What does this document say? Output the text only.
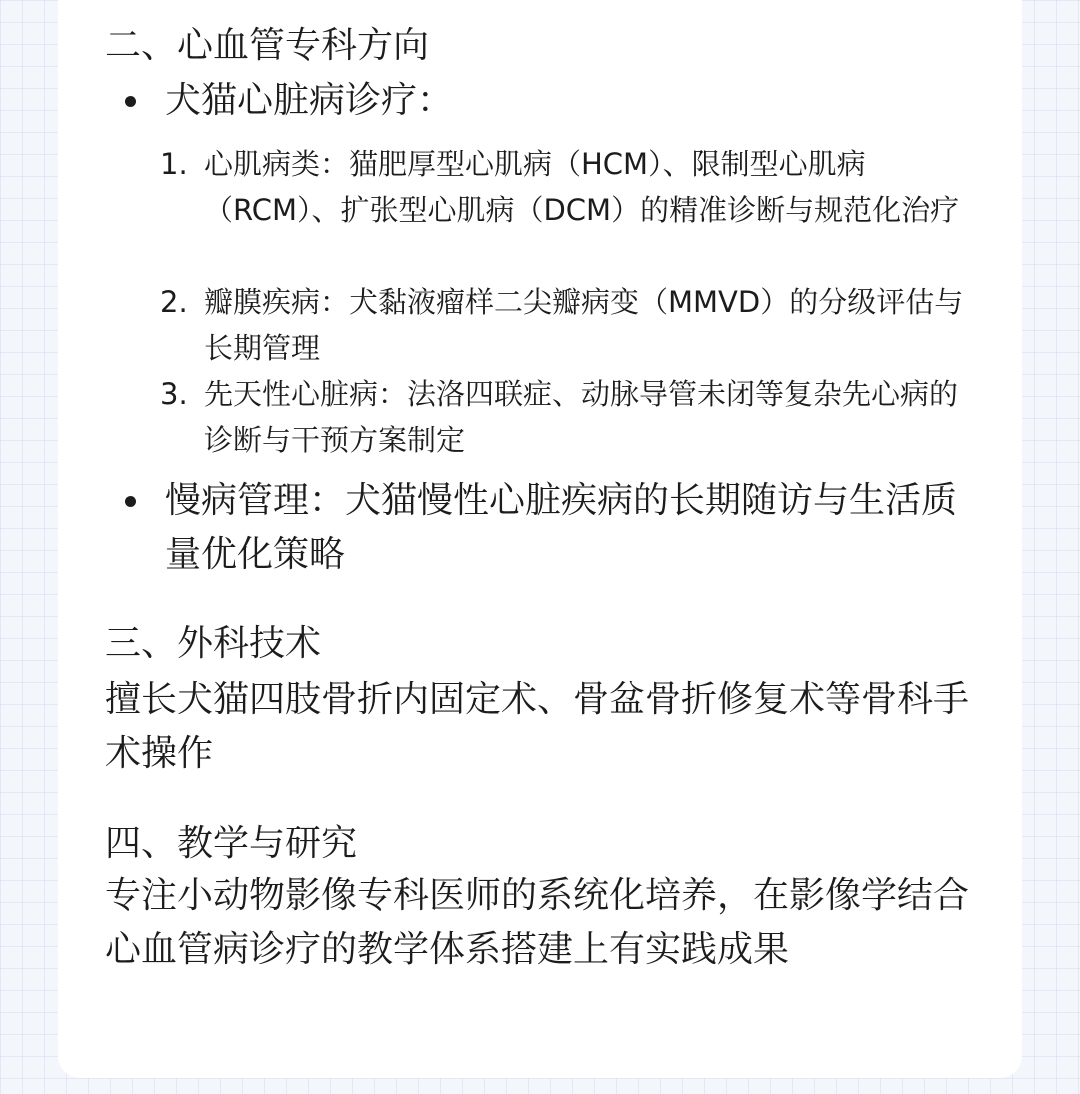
二、心血管专科方向
犬猫心脏病诊疗：
1. 心肌病类：猫肥厚型心肌病（HCM）、限制型心肌病（RCM）、扩张型心肌病（DCM）的精准诊断与规范化治疗
2. 瓣膜疾病：犬黏液瘤样二尖瓣病变（MMVD）的分级评估与长期管理
3. 先天性心脏病：法洛四联症、动脉导管未闭等复杂先心病的诊断与干预方案制定
慢病管理：犬猫慢性心脏疾病的长期随访与生活质量优化策略
三、外科技术

擅长犬猫四肢骨折内固定术、骨盆骨折修复术等骨科手术操作

四、教学与研究

专注小动物影像专科医师的系统化培养，在影像学结合心血管病诊疗的教学体系搭建上有实践成果
